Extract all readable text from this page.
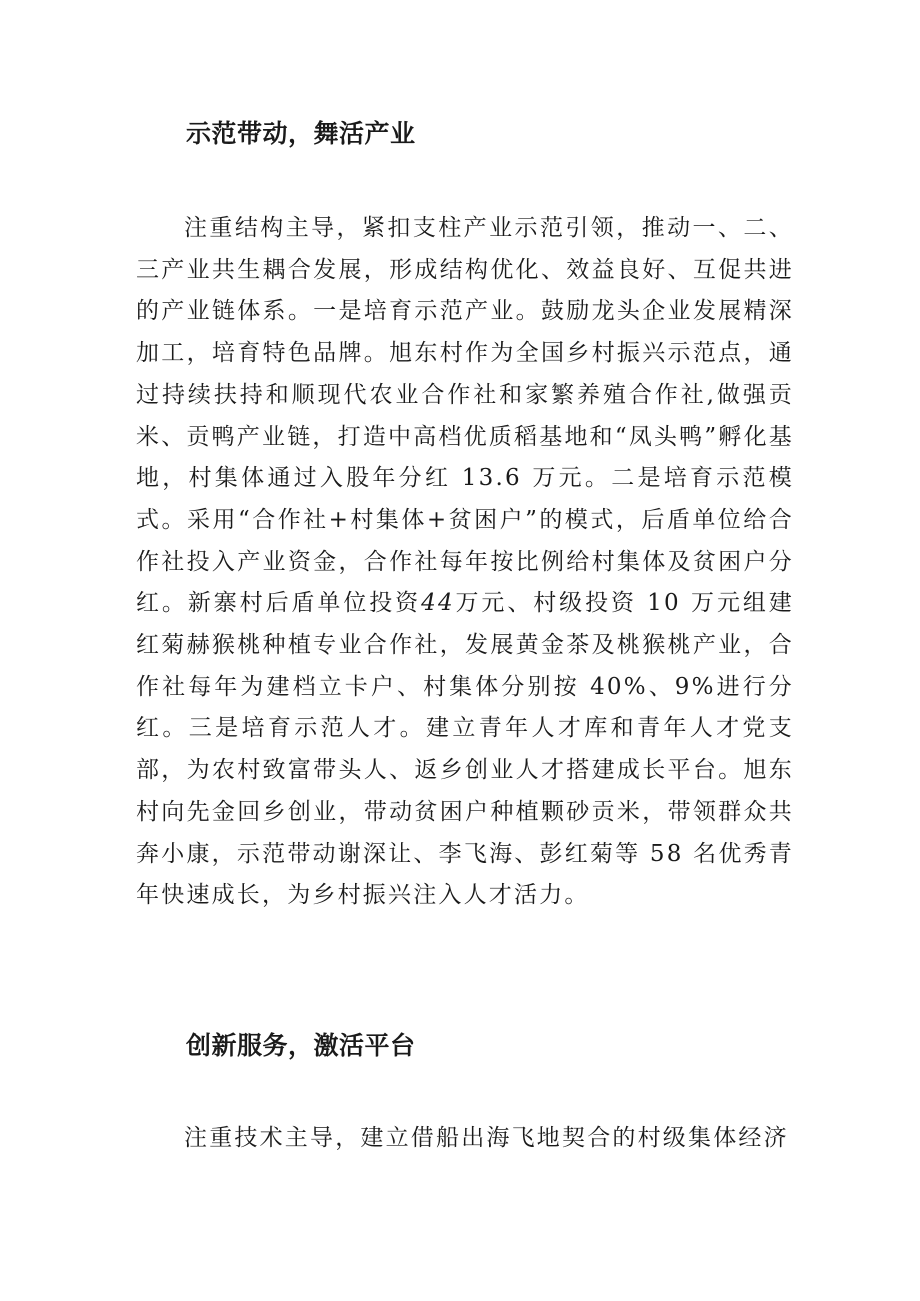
示范带动，舞活产业

注重结构主导，紧扣支柱产业示范引领，推动一、二、三产业共生耦合发展，形成结构优化、效益良好、互促共进的产业链体系。一是培育示范产业。鼓励龙头企业发展精深加工，培育特色品牌。旭东村作为全国乡村振兴示范点，通过持续扶持和顺现代农业合作社和家繁养殖合作社,做强贡米、贡鸭产业链，打造中高档优质稻基地和“凤头鸭”孵化基地，村集体通过入股年分红 13.6 万元。二是培育示范模式。采用“合作社+村集体+贫困户”的模式，后盾单位给合作社投入产业资金，合作社每年按比例给村集体及贫困户分红。新寨村后盾单位投资44万元、村级投资 10 万元组建红菊赫猴桃种植专业合作社，发展黄金茶及桃猴桃产业，合作社每年为建档立卡户、村集体分别按 40%、9%进行分红。三是培育示范人才。建立青年人才库和青年人才党支部，为农村致富带头人、返乡创业人才搭建成长平台。旭东村向先金回乡创业，带动贫困户种植颗砂贡米，带领群众共奔小康，示范带动谢深让、李飞海、彭红菊等 58 名优秀青年快速成长，为乡村振兴注入人才活力。

创新服务，激活平台

注重技术主导，建立借船出海飞地契合的村级集体经济
